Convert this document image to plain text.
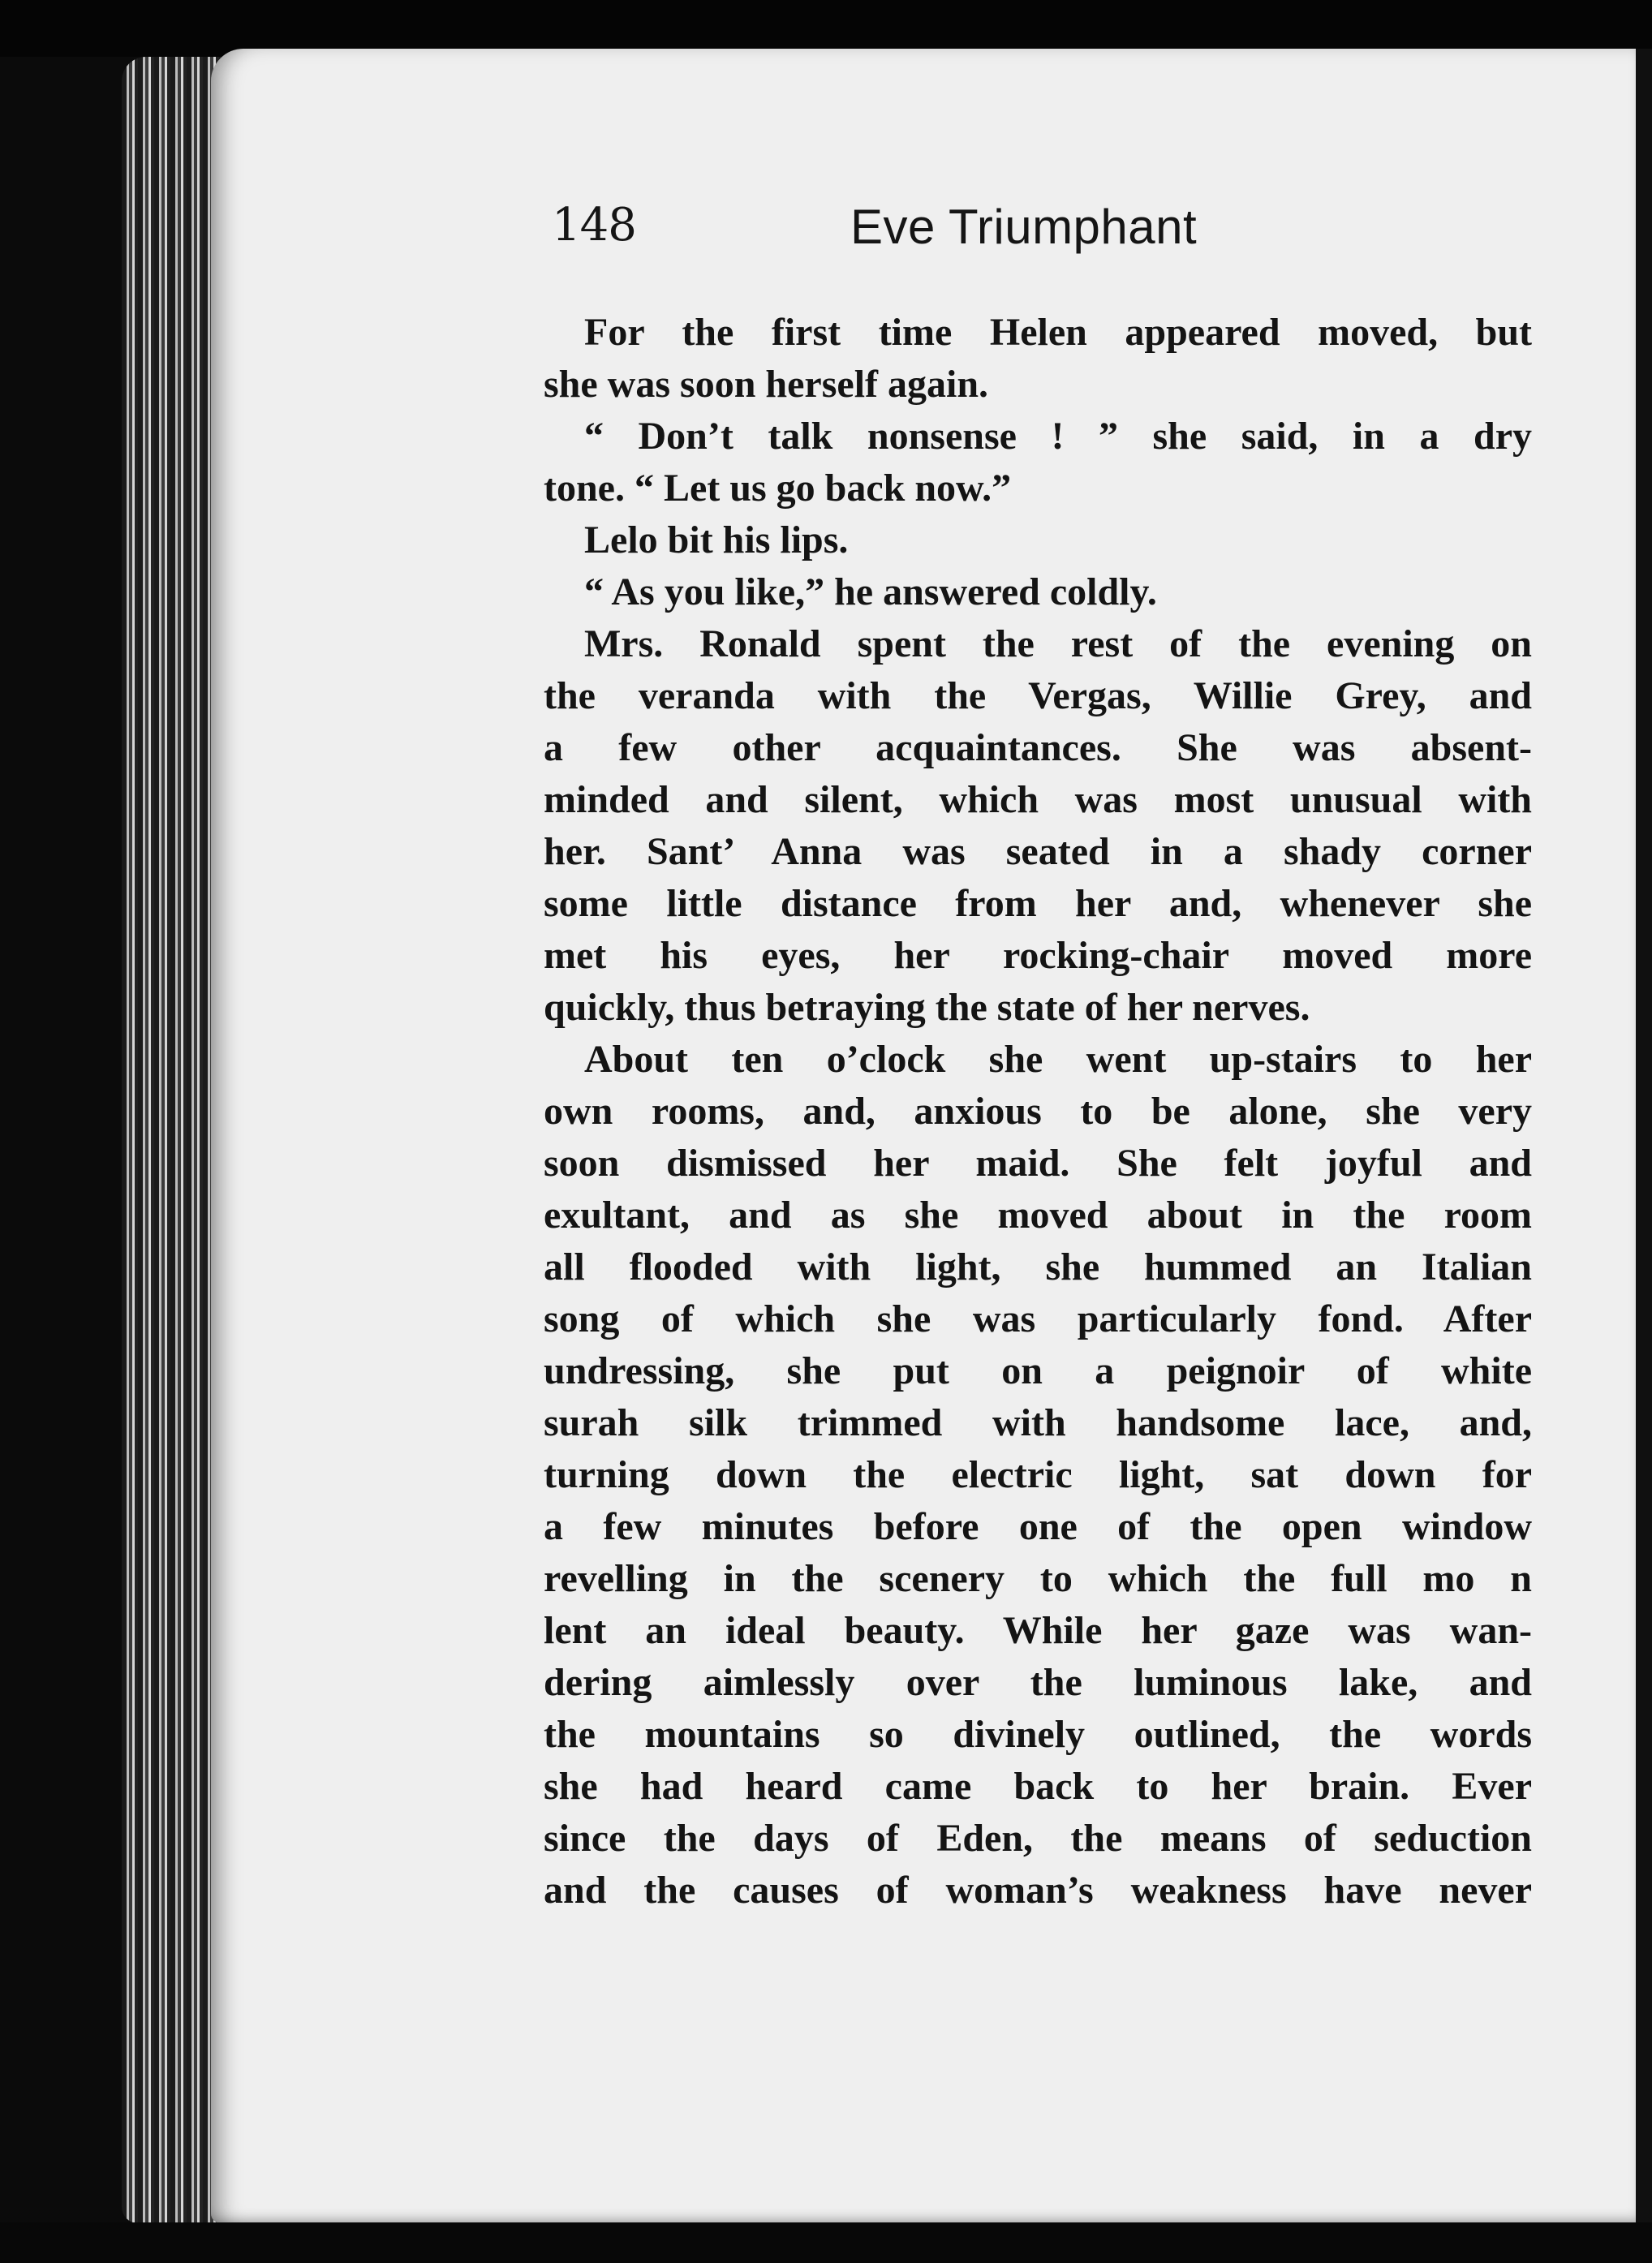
148	Eve Triumphant
For the first time Helen appeared moved, but
she was soon herself again.
“ Don’t talk nonsense ! ” she said, in a dry
tone. “ Let us go back now.”
Lelo bit his lips.
“ As you like,” he answered coldly.
Mrs. Ronald spent the rest of the evening on
the veranda with the Vergas, Willie Grey, and
a few other acquaintances. She was absent-
minded and silent, which was most unusual with
her. Sant’ Anna was seated in a shady corner
some little distance from her and, whenever she
met his eyes, her rocking-chair moved more
quickly, thus betraying the state of her nerves.
About ten o’clock she went up-stairs to her
own rooms, and, anxious to be alone, she very
soon dismissed her maid. She felt joyful and
exultant, and as she moved about in the room
all flooded with light, she hummed an Italian
song of which she was particularly fond. After
undressing, she put on a peignoir of white
surah silk trimmed with handsome lace, and,
turning down the electric light, sat down for
a few minutes before one of the open window
revelling in the scenery to which the full mo n
lent an ideal beauty. While her gaze was wan-
dering aimlessly over the luminous lake, and
the mountains so divinely outlined, the words
she had heard came back to her brain. Ever
since the days of Eden, the means of seduction
and the causes of woman’s weakness have never
